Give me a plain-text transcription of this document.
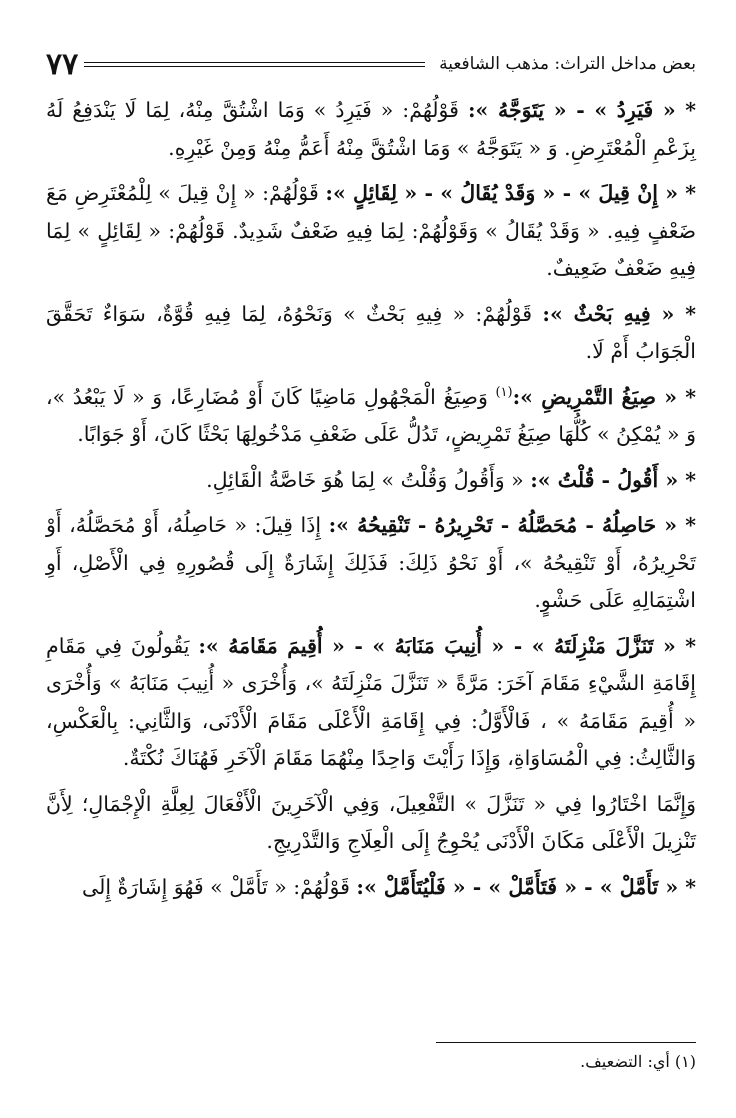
بعض مداخل التراث: مذهب الشافعية
٧٧

* « فَيَرِدُ » - « يَتَوَجَّهُ »: قَوْلُهُمْ: « فَيَرِدُ » وَمَا اشْتُقَّ مِنْهُ، لِمَا لَا يَنْدَفِعُ لَهُ بِزَعْمِ الْمُعْتَرِضِ. وَ « يَتَوَجَّهُ » وَمَا اشْتُقَّ مِنْهُ أَعَمُّ مِنْهُ وَمِنْ غَيْرِهِ.

* « إِنْ قِيلَ » - « وَقَدْ يُقَالُ » - « لِقَائِلٍ »: قَوْلُهُمْ: « إِنْ قِيلَ » لِلْمُعْتَرِضِ مَعَ ضَعْفٍ فِيهِ. « وَقَدْ يُقَالُ » وَقَوْلُهُمْ: لِمَا فِيهِ ضَعْفٌ شَدِيدٌ. قَوْلُهُمْ: « لِقَائِلٍ » لِمَا فِيهِ ضَعْفٌ ضَعِيفٌ.

* « فِيهِ بَحْثٌ »: قَوْلُهُمْ: « فِيهِ بَحْثٌ » وَنَحْوُهُ، لِمَا فِيهِ قُوَّةٌ، سَوَاءٌ تَحَقَّقَ الْجَوَابُ أَمْ لَا.

* « صِيَغُ التَّمْرِيضِ »:$^{(١)}$ وَصِيَغُ الْمَجْهُولِ مَاضِيًا كَانَ أَوْ مُضَارِعًا، وَ « لَا يَبْعُدُ »، وَ « يُمْكِنُ » كُلُّهَا صِيَغُ تَمْرِيضٍ، تَدُلُّ عَلَى ضَعْفِ مَدْخُولِهَا بَحْثًا كَانَ، أَوْ جَوَابًا.

* « أَقُولُ - قُلْتُ »: « وَأَقُولُ وَقُلْتُ » لِمَا هُوَ خَاصَّةُ الْقَائِلِ.

* « حَاصِلُهُ - مُحَصَّلُهُ - تَحْرِيرُهُ - تَنْقِيحُهُ »: إِذَا قِيلَ: « حَاصِلُهُ، أَوْ مُحَصَّلُهُ، أَوْ تَحْرِيرُهُ، أَوْ تَنْقِيحُهُ »، أَوْ نَحْوُ ذَلِكَ: فَذَلِكَ إِشَارَةٌ إِلَى قُصُورِهِ فِي الْأَصْلِ، أَوِ اشْتِمَالِهِ عَلَى حَشْوٍ.

* « تَنَزَّلَ مَنْزِلَتَهُ » - « أُنِيبَ مَنَابَهُ » - « أُقِيمَ مَقَامَهُ »: يَقُولُونَ فِي مَقَامِ إِقَامَةِ الشَّيْءِ مَقَامَ آخَرَ: مَرَّةً « تَنَزَّلَ مَنْزِلَتَهُ »، وَأُخْرَى « أُنِيبَ مَنَابَهُ » وَأُخْرَى « أُقِيمَ مَقَامَهُ » ، فَالْأَوَّلُ: فِي إِقَامَةِ الْأَعْلَى مَقَامَ الْأَدْنَى، وَالثَّانِي: بِالْعَكْسِ، وَالثَّالِثُ: فِي الْمُسَاوَاةِ، وَإِذَا رَأَيْتَ وَاحِدًا مِنْهُمَا مَقَامَ الْآخَرِ فَهُنَاكَ نُكْتَةٌ.

وَإِنَّمَا اخْتَارُوا فِي « تَنَزَّلَ » التَّفْعِيلَ، وَفِي الْآخَرِينَ الْأَفْعَالَ لِعِلَّةِ الْإِجْمَالِ؛ لِأَنَّ تَنْزِيلَ الْأَعْلَى مَكَانَ الْأَدْنَى يُحْوِجُ إِلَى الْعِلَاجِ وَالتَّدْرِيجِ.

* « تَأَمَّلْ » - « فَتَأَمَّلْ » - « فَلْيُتَأَمَّلْ »: قَوْلُهُمْ: « تَأَمَّلْ » فَهُوَ إِشَارَةٌ إِلَى

(١) أي: التضعيف.
